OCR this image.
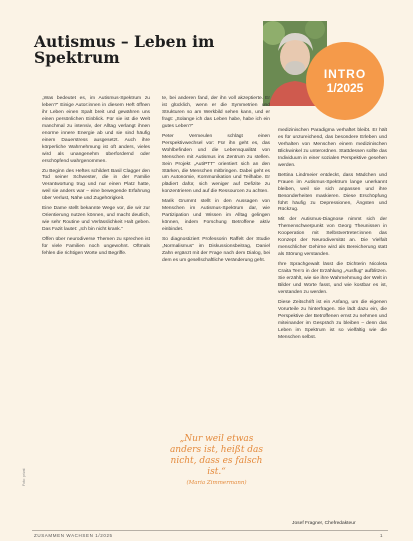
Autismus – Leben im
Spektrum
INTRO
1/2025

„Was bedeutet es, im Autismus-Spektrum zu leben?“ Einige Autor:innen in diesem Heft öffnen ihr Leben einen Spalt breit und gewähren uns einen persönlichen Einblick. Für sie ist die Welt manchmal zu intensiv, der Alltag verlangt ihnen enorme innere Energie ab und sie sind häufig einem Dauerstress ausgesetzt. Auch ihre körperliche Wahrnehmung ist oft anders, vieles wird als unangenehm überfordernd oder erschöpfend wahrgenommen.

Zu Beginn des Heftes schildert Basil Clagger den Tod seiner Schwester, die in der Familie Verantwortung trug und nur einen Platz hatte, weil sie anders war – eine bewegende Erfahrung über Verlust, Nähe und Zugehörigkeit.

Eine Dame stellt bekannte Wege vor, die wir zur Orientierung nutzen können, und macht deutlich, wie sehr Routine und Verlässlichkeit Halt geben. Das Fazit lautet: „Ich bin nicht krank.“

Offen über neurodiverse Themen zu sprechen ist für viele Familien noch ungewohnt. Oftmals fehlen die richtigen Worte und Begriffe.

te, bei anderen fand, der ihn voll akzeptierte. Er ist glücklich, wenn er die Symmetrien und Strukturen so am Werkbild sehen kann, und er fragt: „Solange ich das Leben habe, habe ich ein gutes Leben?“

Peter Vermeulen schlägt einen Perspektivwechsel vor: Für ihn geht es, das Wohlbefinden und die Lebensqualität von Menschen mit Autismus ins Zentrum zu stellen. Sein Projekt „AutiPTT“ orientiert sich an den Stärken, die Menschen mitbringen. Dabei geht es um Autonomie, Kommunikation und Teilhabe. Er plädiert dafür, sich weniger auf Defizite zu konzentrieren und auf die Ressourcen zu achten.

Marik Grummt stellt in den Aussagen von Menschen im Autismus-Spektrum dar, wie Partizipation und Wissen im Alltag gelingen können, indem Forschung Betroffene aktiv einbindet.

So diagnostiziert Professorin Raffelt der Studie „Normalismus“ im Diskussionsbeitrag, Daniel Zahn ergänzt mit der Frage nach dem Dialog, bei dem es um gesellschaftliche Veränderung geht.

medizinischen Paradigma verhaftet bleibt. Er hält es für unzureichend, das besondere Erleben und Verhalten von Menschen einem medizinischen Blickwinkel zu unterordnen. Stattdessen sollte das Individuum in einer sozialen Perspektive gesehen werden.

Bettina Lindmeier entdeckt, dass Mädchen und Frauen im Autismus-Spektrum lange unerkannt bleiben, weil sie sich anpassen und ihre Besonderheiten maskieren. Diese Erschöpfung führt häufig zu Depressionen, Ängsten und Rückzug.

Mit der Autismus-Diagnose nimmt sich der Themenschwerpunkt von Georg Theunissen in Kooperation mit Selbstvertreter:innen das Konzept der Neurodiversität an. Die Vielfalt menschlicher Gehirne wird als Bereicherung statt als Störung verstanden.

Ihre Sprachgewalt lässt die Dichterin Nicoleta Craita Ten’o in der Erzählung „Ausflug“ aufblitzen. Sie erzählt, wie sie ihre Wahrnehmung der Welt in Bilder und Worte fasst, und wie kostbar es ist, verstanden zu werden.

Diese Zeitschrift ist ein Anfang, um die eigenen Vorurteile zu hinterfragen. Sie lädt dazu ein, die Perspektive der Betroffenen ernst zu nehmen und miteinander im Gespräch zu bleiben – denn das Leben im Spektrum ist so vielfältig wie die Menschen selbst.

„Nur weil etwas anders ist, heißt das nicht, dass es falsch ist.“
(Maria Zimmermann)
Josef Fragner, Chefredakteur
Foto: privat
ZUSAMMEN WACHSEN 1/2025	1
